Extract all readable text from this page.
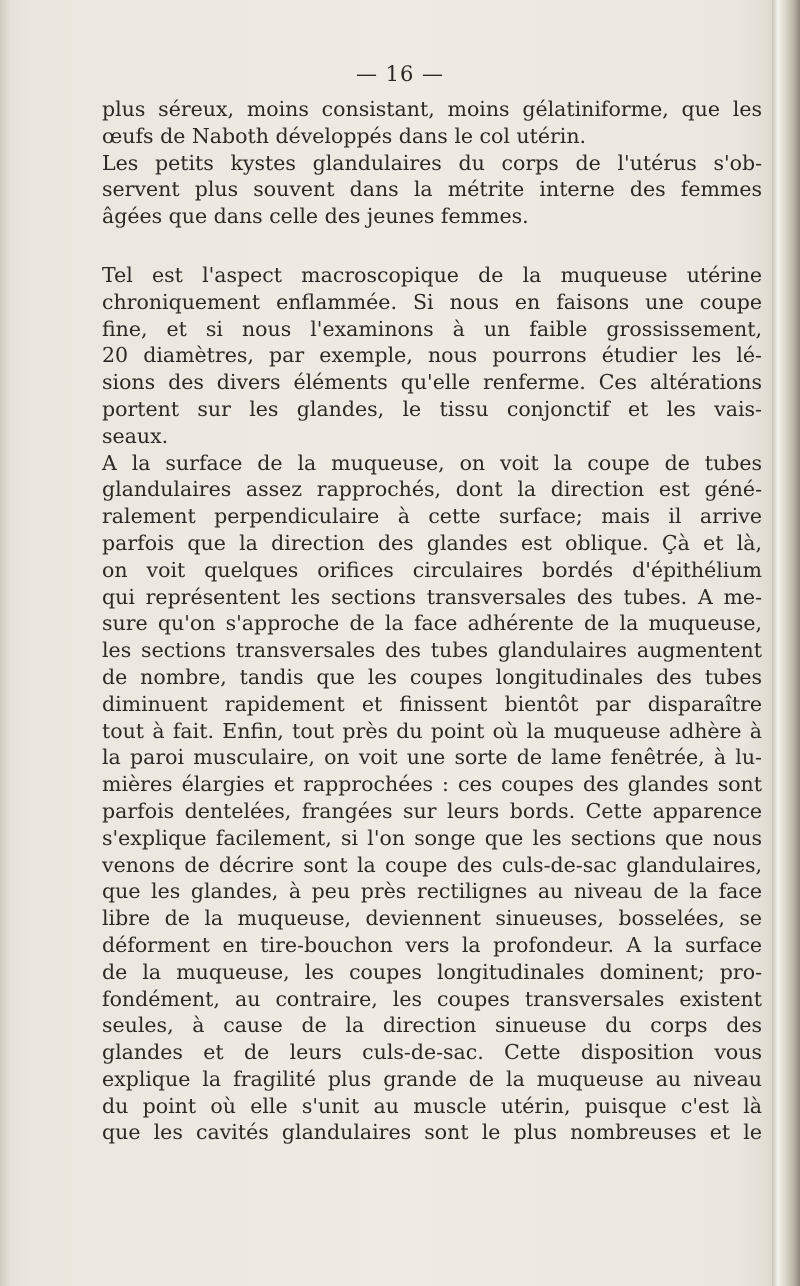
— 16 —
plus séreux, moins consistant, moins gélatiniforme, que les
œufs de Naboth développés dans le col utérin.
Les petits kystes glandulaires du corps de l'utérus s'ob-
servent plus souvent dans la métrite interne des femmes
âgées que dans celle des jeunes femmes.
Tel est l'aspect macroscopique de la muqueuse utérine
chroniquement enflammée. Si nous en faisons une coupe
fine, et si nous l'examinons à un faible grossissement,
20 diamètres, par exemple, nous pourrons étudier les lé-
sions des divers éléments qu'elle renferme. Ces altérations
portent sur les glandes, le tissu conjonctif et les vais-
seaux.
A la surface de la muqueuse, on voit la coupe de tubes
glandulaires assez rapprochés, dont la direction est géné-
ralement perpendiculaire à cette surface; mais il arrive
parfois que la direction des glandes est oblique. Çà et là,
on voit quelques orifices circulaires bordés d'épithélium
qui représentent les sections transversales des tubes. A me-
sure qu'on s'approche de la face adhérente de la muqueuse,
les sections transversales des tubes glandulaires augmentent
de nombre, tandis que les coupes longitudinales des tubes
diminuent rapidement et finissent bientôt par disparaître
tout à fait. Enfin, tout près du point où la muqueuse adhère à
la paroi musculaire, on voit une sorte de lame fenêtrée, à lu-
mières élargies et rapprochées : ces coupes des glandes sont
parfois dentelées, frangées sur leurs bords. Cette apparence
s'explique facilement, si l'on songe que les sections que nous
venons de décrire sont la coupe des culs-de-sac glandulaires,
que les glandes, à peu près rectilignes au niveau de la face
libre de la muqueuse, deviennent sinueuses, bosselées, se
déforment en tire-bouchon vers la profondeur. A la surface
de la muqueuse, les coupes longitudinales dominent; pro-
fondément, au contraire, les coupes transversales existent
seules, à cause de la direction sinueuse du corps des
glandes et de leurs culs-de-sac. Cette disposition vous
explique la fragilité plus grande de la muqueuse au niveau
du point où elle s'unit au muscle utérin, puisque c'est là
que les cavités glandulaires sont le plus nombreuses et le
